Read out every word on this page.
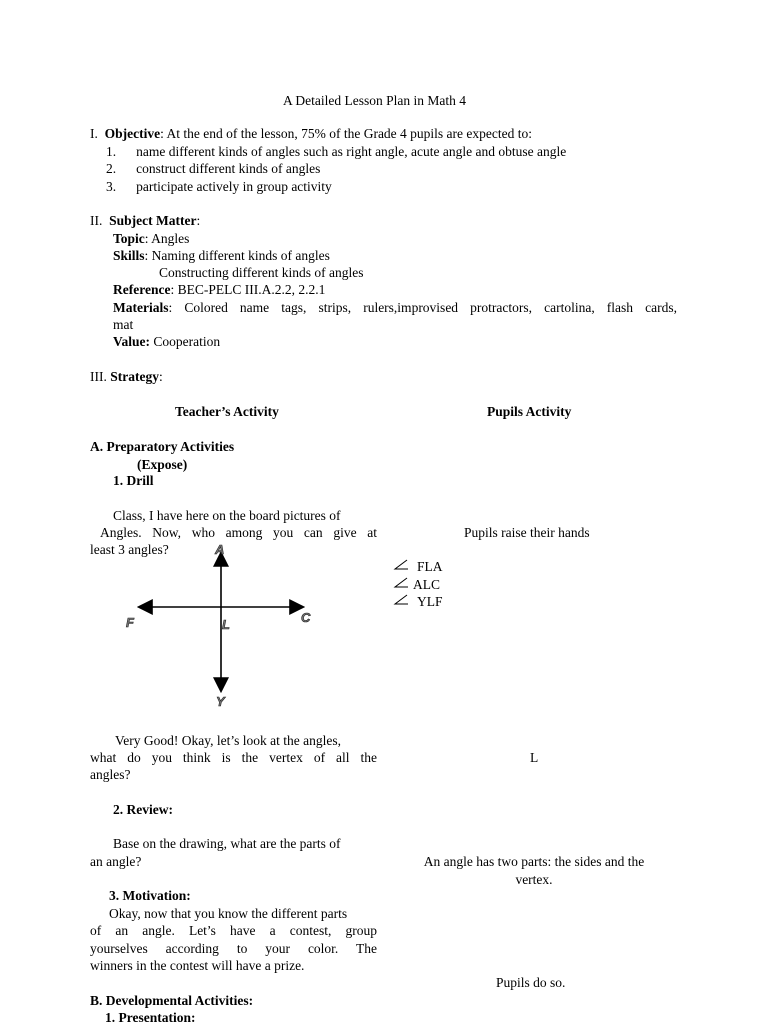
A Detailed Lesson Plan in Math 4
I. Objective: At the end of the lesson, 75% of the Grade 4 pupils are expected to:
1. name different kinds of angles such as right angle, acute angle and obtuse angle
2. construct different kinds of angles
3. participate actively in group activity
II. Subject Matter:
Topic: Angles
Skills: Naming different kinds of angles
Constructing different kinds of angles
Reference: BEC-PELC III.A.2.2, 2.2.1
Materials: Colored name tags, strips, rulers,improvised protractors, cartolina, flash cards,
mat
Value: Cooperation
III. Strategy:
Teacher’s Activity	Pupils Activity
A. Preparatory Activities
(Expose)
1. Drill
Class, I have here on the board pictures of
Angles. Now, who among you can give at
least 3 angles?
Pupils raise their hands
FLA
ALC
YLF
A
F	L	C
Y
Very Good! Okay, let’s look at the angles,
what do you think is the vertex of all the
angles?
L
2. Review:
Base on the drawing, what are the parts of
an angle?	An angle has two parts: the sides and the
vertex.
3. Motivation:
Okay, now that you know the different parts
of an angle. Let’s have a contest, group
yourselves according to your color. The
winners in the contest will have a prize.
Pupils do so.
B. Developmental Activities:
1. Presentation:
